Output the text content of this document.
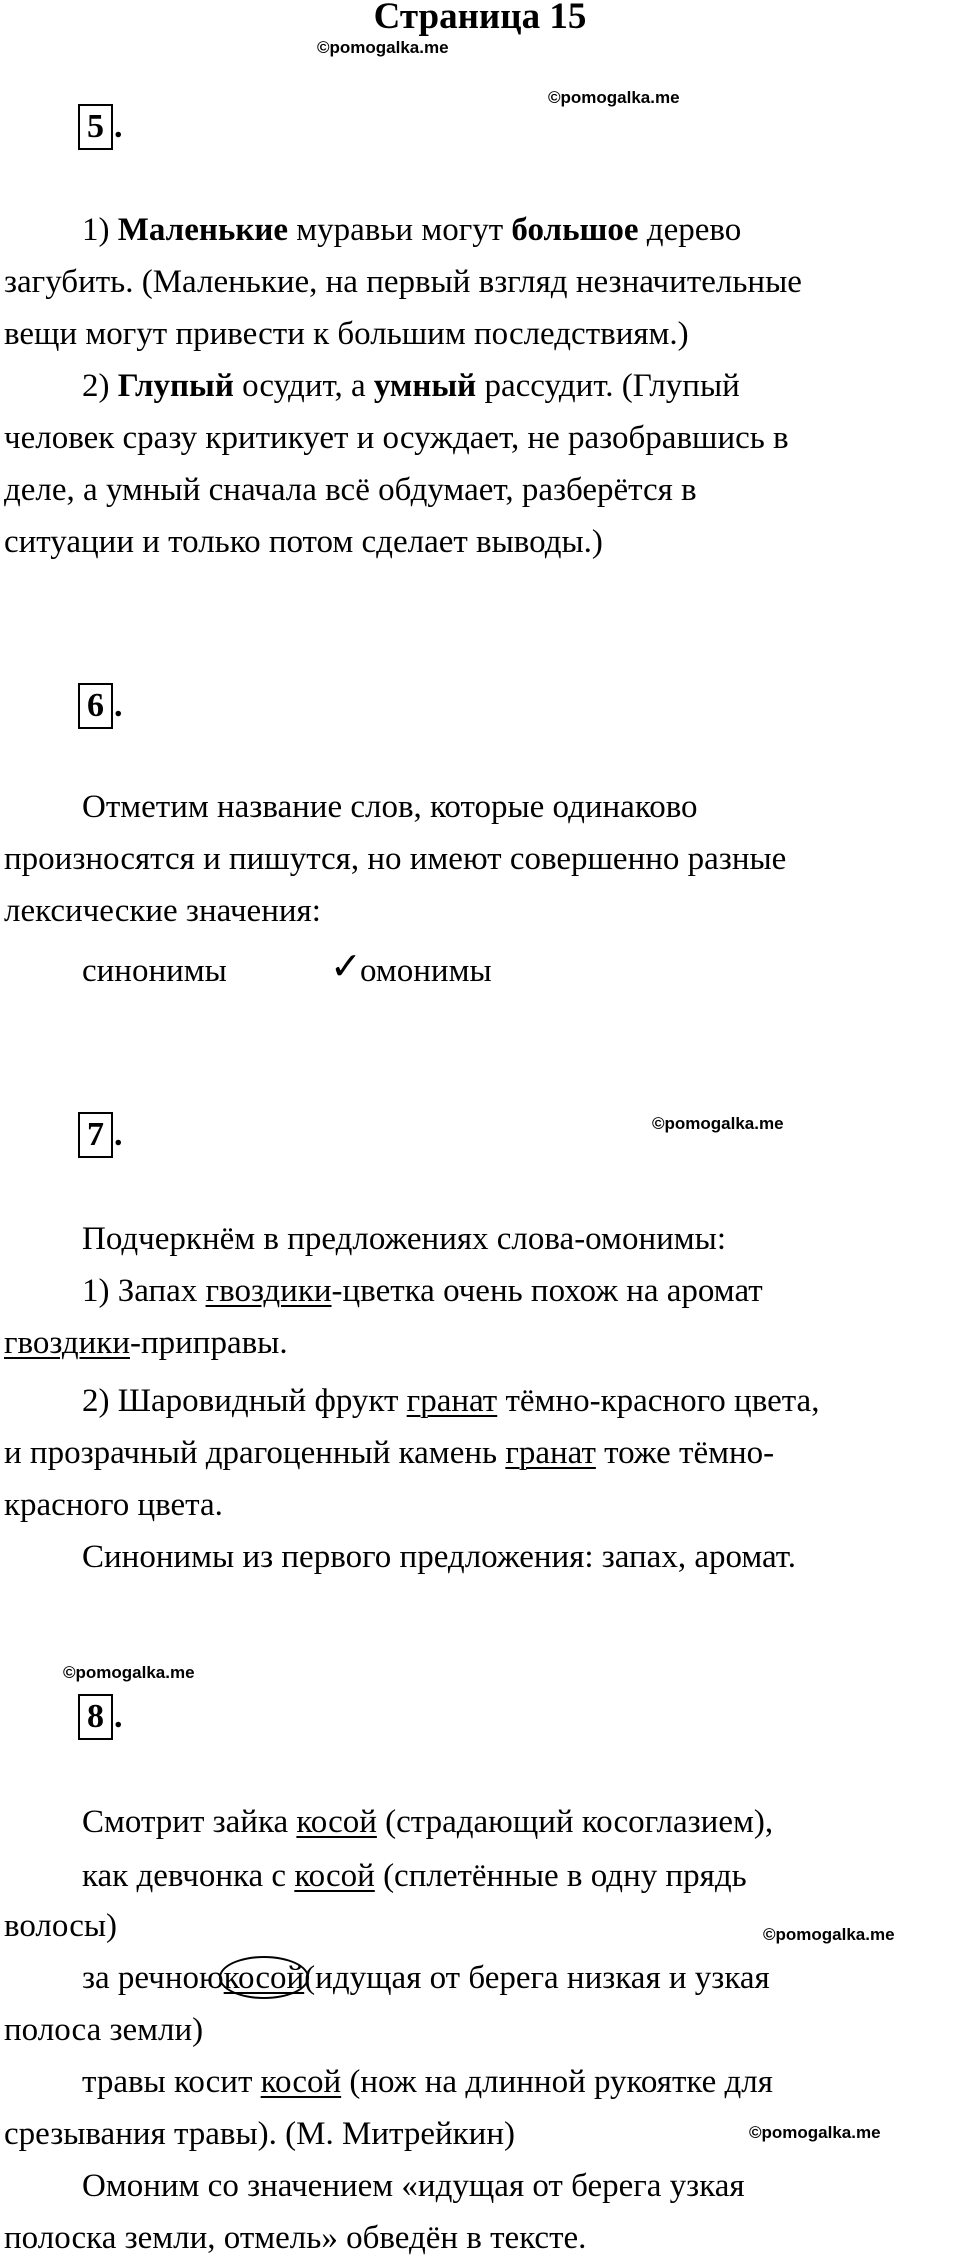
Страница 15
©pomogalka.me
©pomogalka.me
©pomogalka.me
©pomogalka.me
©pomogalka.me
©pomogalka.me
5 .
1) Маленькие муравьи могут большое дерево
загубить. (Маленькие, на первый взгляд незначительные
вещи могут привести к большим последствиям.)
2) Глупый осудит, а умный рассудит. (Глупый
человек сразу критикует и осуждает, не разобравшись в
деле, а умный сначала всё обдумает, разберётся в
ситуации и только потом сделает выводы.)
6 .
Отметим название слов, которые одинаково
произносятся и пишутся, но имеют совершенно разные
лексические значения:
синонимы	✓
омонимы
7 .
Подчеркнём в предложениях слова-омонимы:
1) Запах гвоздики-цветка очень похож на аромат
гвоздики-приправы.
2) Шаровидный фрукт гранат тёмно-красного цвета,
и прозрачный драгоценный камень гранат тоже тёмно-
красного цвета.
Синонимы из первого предложения: запах, аромат.
8 .
Смотрит зайка косой (страдающий косоглазием),
как девчонка с косой (сплетённые в одну прядь
волосы)
за речноюкосой
(идущая от берега низкая и узкая
полоса земли)
травы косит косой (нож на длинной рукоятке для
срезывания травы). (М. Митрейкин)
Омоним со значением «идущая от берега узкая
полоска земли, отмель» обведён в тексте.
